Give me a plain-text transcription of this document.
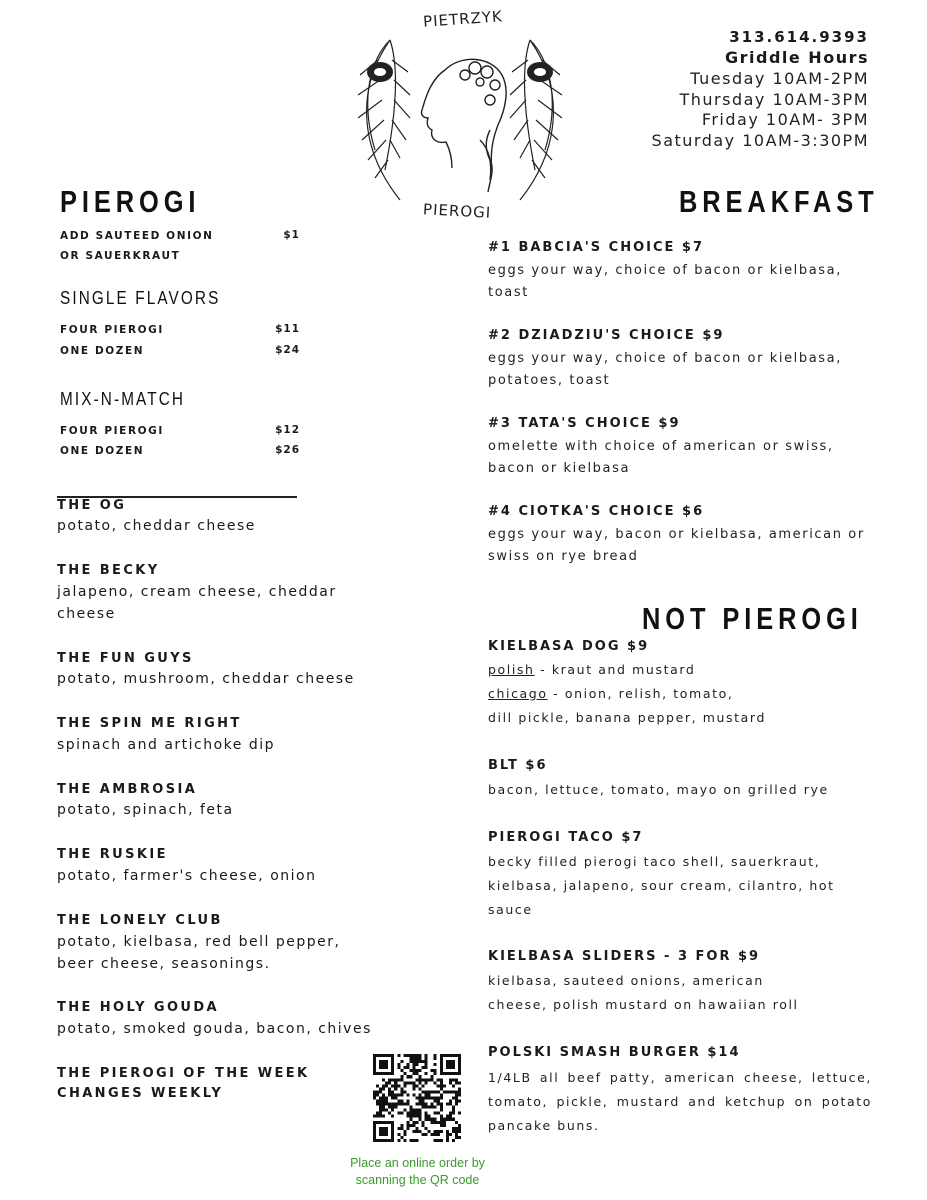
PIETRZYK
PIEROGI
313.614.9393
Griddle Hours
Tuesday 10AM-2PM
Thursday 10AM-3PM
Friday 10AM- 3PM
Saturday 10AM-3:30PM
PIEROGI
ADD SAUTEED ONION
OR SAUERKRAUT
$1
SINGLE FLAVORS
FOUR PIEROGI	$11
ONE DOZEN	$24
MIX-N-MATCH
FOUR PIEROGI	$12
ONE DOZEN	$26
THE OG
potato, cheddar cheese
THE BECKY
jalapeno, cream cheese, cheddar cheese
THE FUN GUYS
potato, mushroom, cheddar cheese
THE SPIN ME RIGHT
spinach and artichoke dip
THE AMBROSIA
potato, spinach, feta
THE RUSKIE
potato, farmer's cheese, onion
THE LONELY CLUB
potato, kielbasa, red bell pepper, beer cheese, seasonings.
THE HOLY GOUDA
potato, smoked gouda, bacon, chives
THE PIEROGI OF THE WEEK
CHANGES WEEKLY
Place an online order by
scanning the QR code
BREAKFAST
#1 BABCIA'S CHOICE $7
eggs your way, choice of bacon or kielbasa, toast
#2 DZIADZIU'S CHOICE $9
eggs your way, choice of bacon or kielbasa, potatoes, toast
#3 TATA'S CHOICE $9
omelette with choice of american or swiss, bacon or kielbasa
#4 CIOTKA'S CHOICE $6
eggs your way, bacon or kielbasa, american or swiss on rye bread
NOT PIEROGI
KIELBASA DOG $9
polish - kraut and mustard
chicago - onion, relish, tomato,
dill pickle, banana pepper, mustard
BLT $6
bacon, lettuce, tomato, mayo on grilled rye
PIEROGI TACO $7
becky filled pierogi taco shell, sauerkraut, kielbasa, jalapeno, sour cream, cilantro, hot sauce
KIELBASA SLIDERS - 3 FOR $9
kielbasa, sauteed onions, american cheese, polish mustard on hawaiian roll
POLSKI SMASH BURGER $14
1/4LB all beef patty, american cheese, lettuce, tomato, pickle, mustard and ketchup on potato pancake buns.
